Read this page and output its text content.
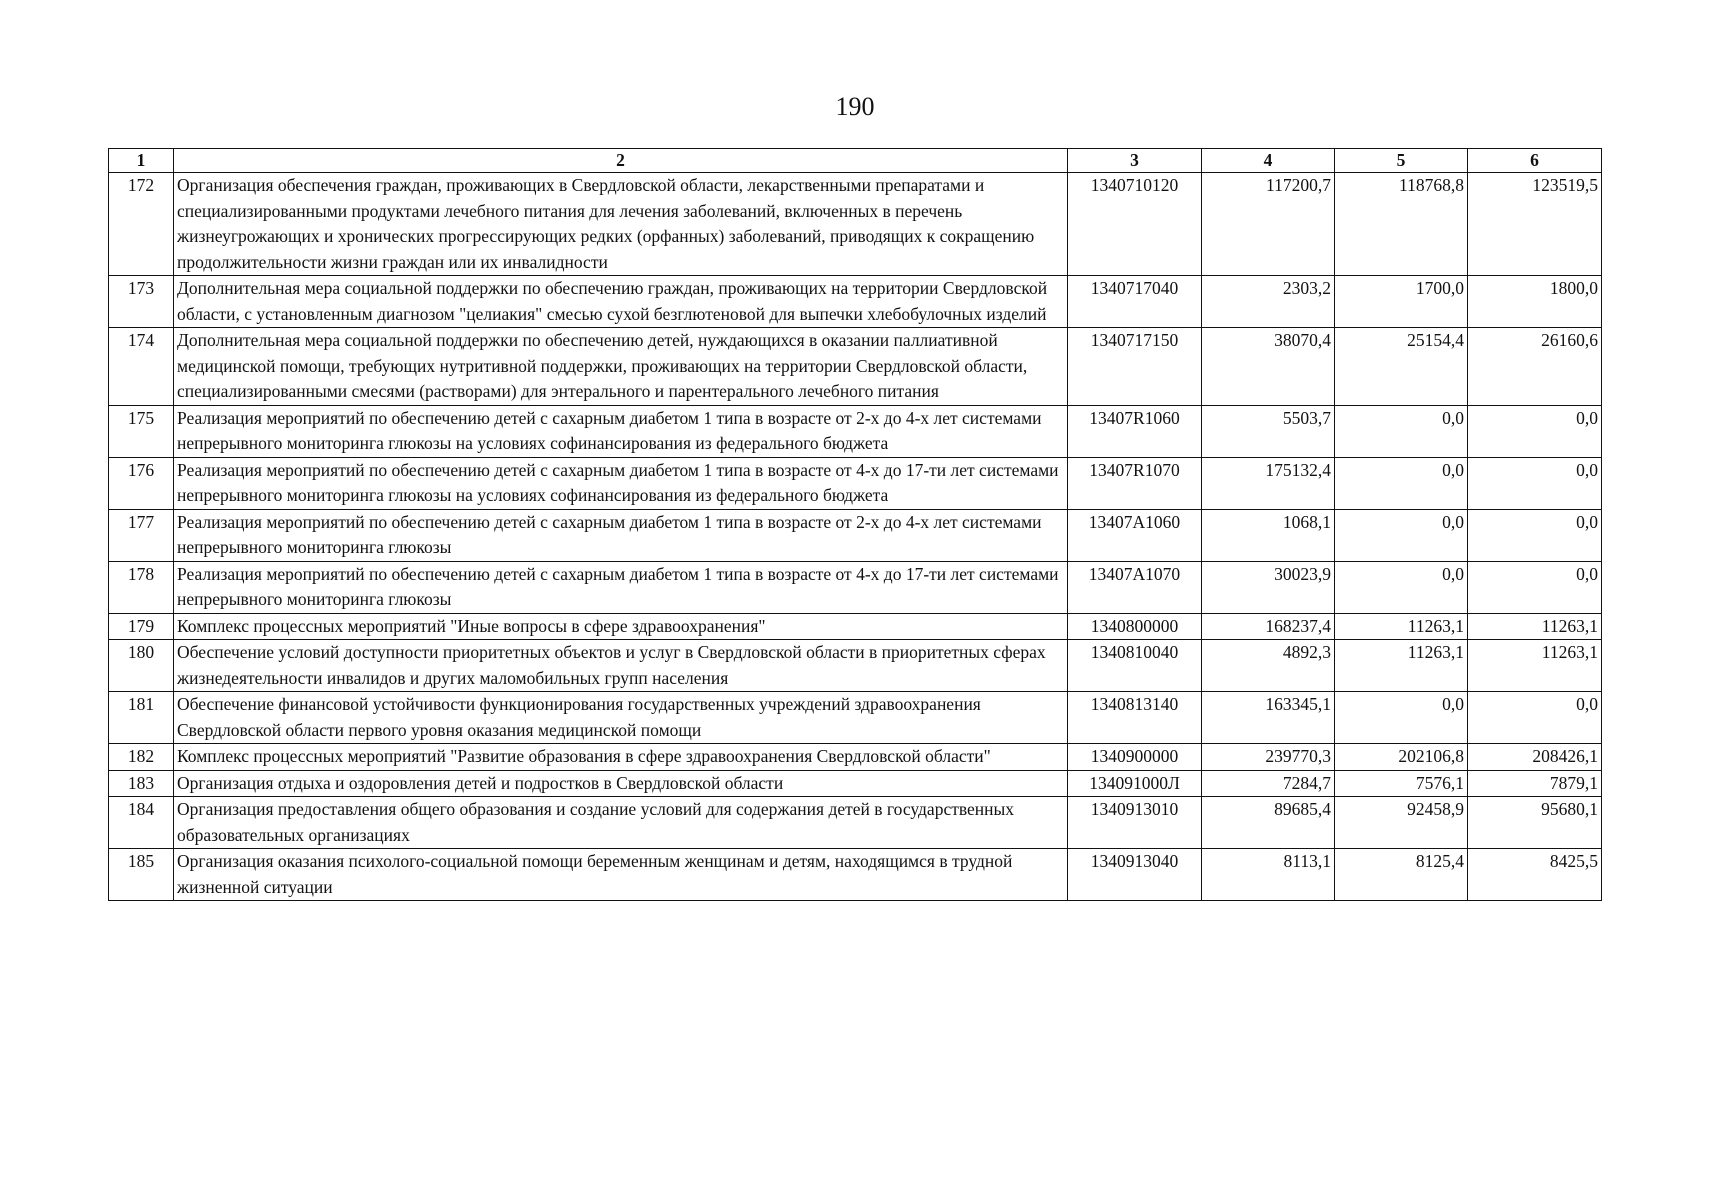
190
1	2	3	4	5	6
172	Организация обеспечения граждан, проживающих в Свердловской области, лекарственными препаратами и специализированными продуктами лечебного питания для лечения заболеваний, включенных в перечень жизнеугрожающих и хронических прогрессирующих редких (орфанных) заболеваний, приводящих к сокращению продолжительности жизни граждан или их инвалидности	1340710120	117200,7	118768,8	123519,5
173	Дополнительная мера социальной поддержки по обеспечению граждан, проживающих на территории Свердловской области, с установленным диагнозом "целиакия" смесью сухой безглютеновой для выпечки хлебобулочных изделий	1340717040	2303,2	1700,0	1800,0
174	Дополнительная мера социальной поддержки по обеспечению детей, нуждающихся в оказании паллиативной медицинской помощи, требующих нутритивной поддержки, проживающих на территории Свердловской области, специализированными смесями (растворами) для энтерального и парентерального лечебного питания	1340717150	38070,4	25154,4	26160,6
175	Реализация мероприятий по обеспечению детей с сахарным диабетом 1 типа в возрасте от 2-х до 4-х лет системами непрерывного мониторинга глюкозы на условиях софинансирования из федерального бюджета	13407R1060	5503,7	0,0	0,0
176	Реализация мероприятий по обеспечению детей с сахарным диабетом 1 типа в возрасте от 4-х до 17-ти лет системами непрерывного мониторинга глюкозы на условиях софинансирования из федерального бюджета	13407R1070	175132,4	0,0	0,0
177	Реализация мероприятий по обеспечению детей с сахарным диабетом 1 типа в возрасте от 2-х до 4-х лет системами непрерывного мониторинга глюкозы	13407A1060	1068,1	0,0	0,0
178	Реализация мероприятий по обеспечению детей с сахарным диабетом 1 типа в возрасте от 4-х до 17-ти лет системами непрерывного мониторинга глюкозы	13407A1070	30023,9	0,0	0,0
179	Комплекс процессных мероприятий "Иные вопросы в сфере здравоохранения"	1340800000	168237,4	11263,1	11263,1
180	Обеспечение условий доступности приоритетных объектов и услуг в Свердловской области в приоритетных сферах жизнедеятельности инвалидов и других маломобильных групп населения	1340810040	4892,3	11263,1	11263,1
181	Обеспечение финансовой устойчивости функционирования государственных учреждений здравоохранения Свердловской области первого уровня оказания медицинской помощи	1340813140	163345,1	0,0	0,0
182	Комплекс процессных мероприятий "Развитие образования в сфере здравоохранения Свердловской области"	1340900000	239770,3	202106,8	208426,1
183	Организация отдыха и оздоровления детей и подростков в Свердловской области	134091000Л	7284,7	7576,1	7879,1
184	Организация предоставления общего образования и создание условий для содержания детей в государственных образовательных организациях	1340913010	89685,4	92458,9	95680,1
185	Организация оказания психолого-социальной помощи беременным женщинам и детям, находящимся в трудной жизненной ситуации	1340913040	8113,1	8125,4	8425,5
